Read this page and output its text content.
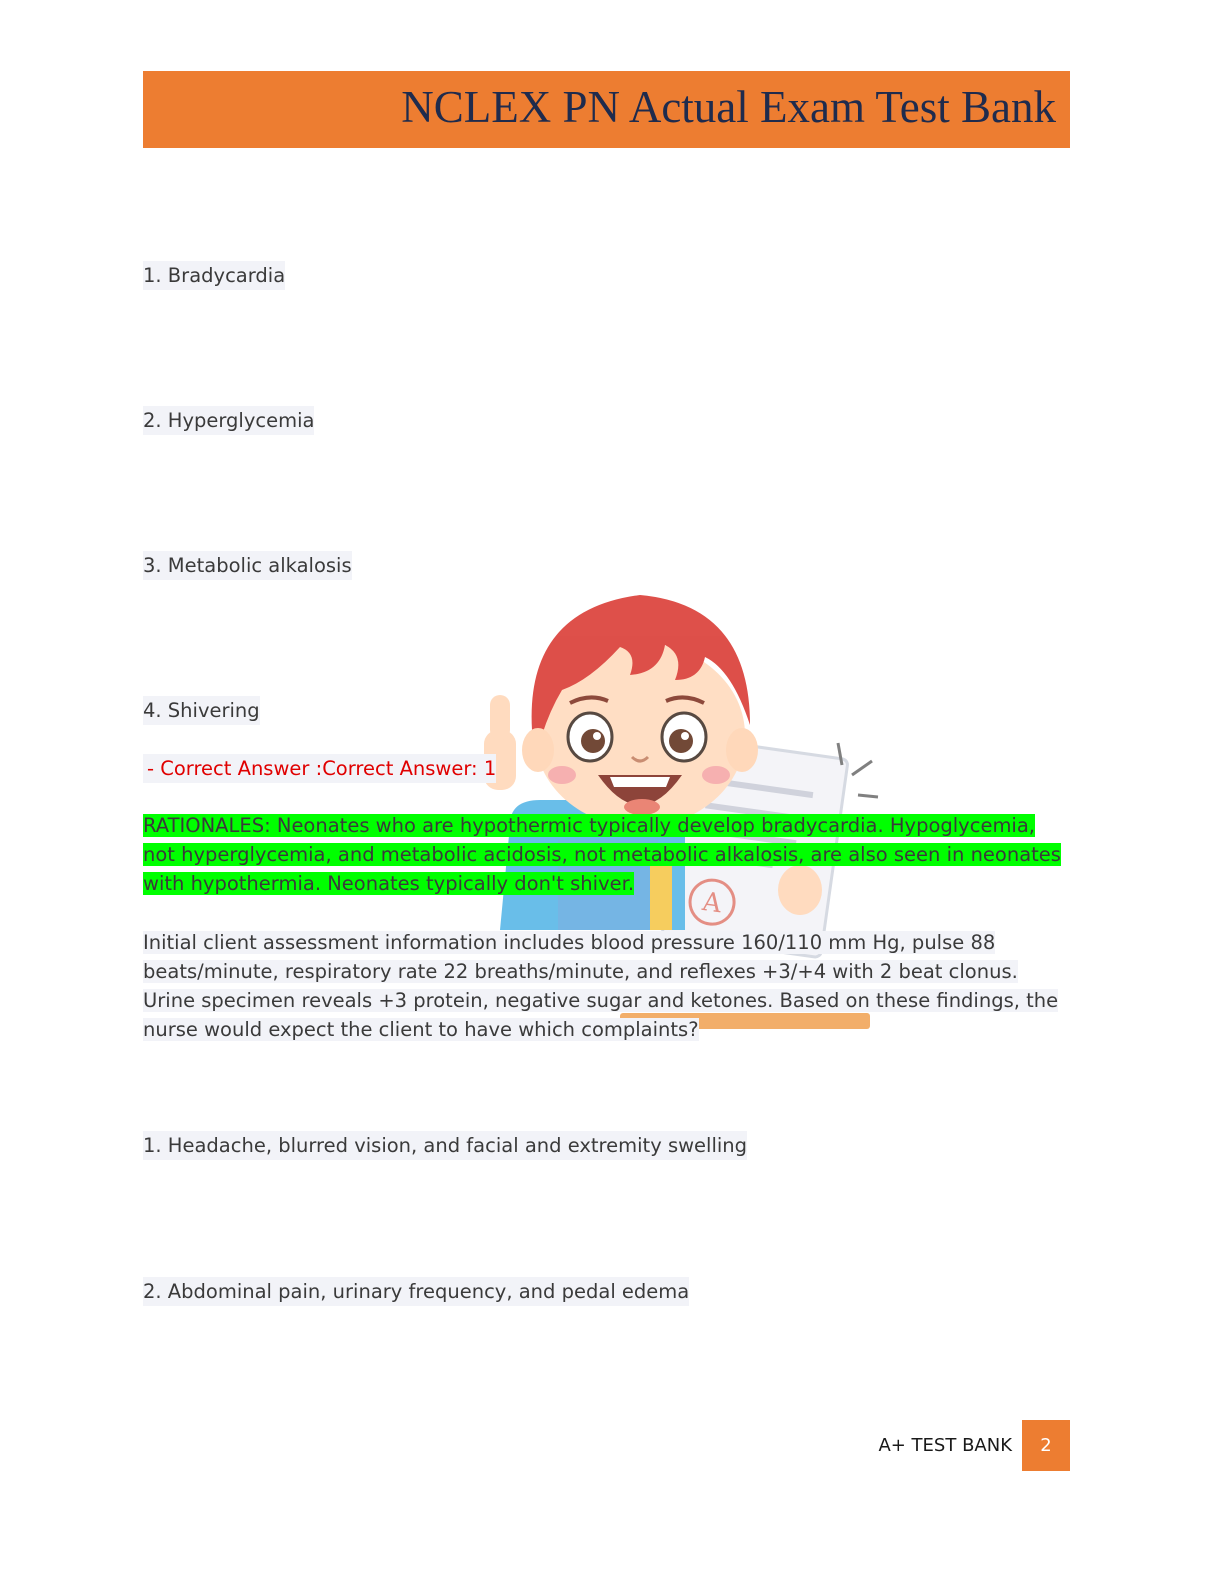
NCLEX PN Actual Exam Test Bank
A
1. Bradycardia
2. Hyperglycemia
3. Metabolic alkalosis
4. Shivering
- Correct Answer :Correct Answer: 1
RATIONALES: Neonates who are hypothermic typically develop bradycardia. Hypoglycemia, not hyperglycemia, and metabolic acidosis, not metabolic alkalosis, are also seen in neonates with hypothermia. Neonates typically don't shiver.
Initial client assessment information includes blood pressure 160/110 mm Hg, pulse 88 beats/minute, respiratory rate 22 breaths/minute, and reflexes +3/+4 with 2 beat clonus. Urine specimen reveals +3 protein, negative sugar and ketones. Based on these findings, the nurse would expect the client to have which complaints?
1. Headache, blurred vision, and facial and extremity swelling
2. Abdominal pain, urinary frequency, and pedal edema
A+ TEST BANK	2
